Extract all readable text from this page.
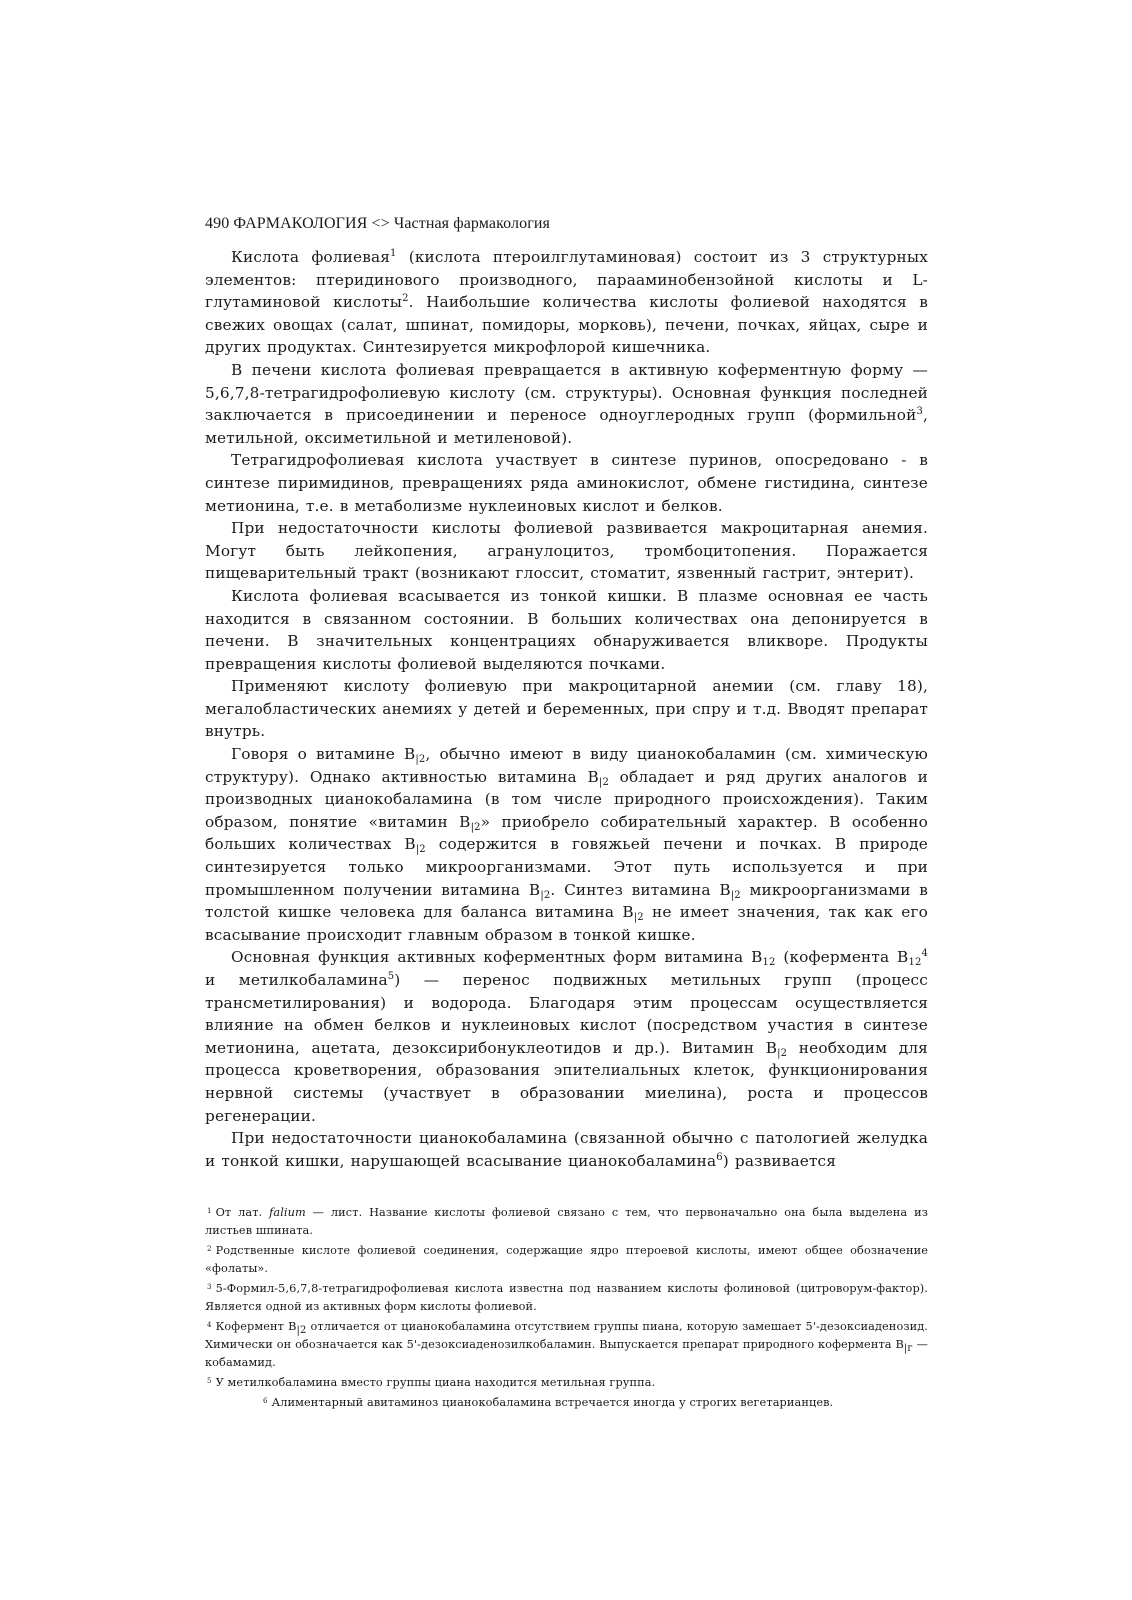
490 ФАРМАКОЛОГИЯ <> Частная фармакология

Кислота фолиевая$^1$ (кислота птероилглутаминовая) состоит из 3 структурных элементов: птеридинового производного, парааминобензойной кислоты и L-глутаминовой кислоты$^2$. Наибольшие количества кислоты фолиевой находятся в свежих овощах (салат, шпинат, помидоры, морковь), печени, почках, яйцах, сыре и других продуктах. Синтезируется микрофлорой кишечника.

В печени кислота фолиевая превращается в активную коферментную форму — 5,6,7,8-тетрагидрофолиевую кислоту (см. структуры). Основная функция последней заключается в присоединении и переносе одноуглеродных групп (формильной$^3$, метильной, оксиметильной и метиленовой).

Тетрагидрофолиевая кислота участвует в синтезе пуринов, опосредовано - в синтезе пиримидинов, превращениях ряда аминокислот, обмене гистидина, синтезе метионина, т.е. в метаболизме нуклеиновых кислот и белков.

При недостаточности кислоты фолиевой развивается макроцитарная анемия. Могут быть лейкопения, агранулоцитоз, тромбоцитопения. Поражается пищеварительный тракт (возникают глоссит, стоматит, язвенный гастрит, энтерит).

Кислота фолиевая всасывается из тонкой кишки. В плазме основная ее часть находится в связанном состоянии. В больших количествах она депонируется в печени. В значительных концентрациях обнаруживается вликворе. Продукты превращения кислоты фолиевой выделяются почками.

Применяют кислоту фолиевую при макроцитарной анемии (см. главу 18), мегалобластических анемиях у детей и беременных, при спру и т.д. Вводят препарат внутрь.

Говоря о витамине $В_{|2}$, обычно имеют в виду цианокобаламин (см. химическую структуру). Однако активностью витамина $В_{|2}$ обладает и ряд других аналогов и производных цианокобаламина (в том числе природного происхождения). Таким образом, понятие «витамин $В_{|2}$» приобрело собирательный характер. В особенно больших количествах $В_{|2}$ содержится в говяжьей печени и почках. В природе синтезируется только микроорганизмами. Этот путь используется и при промышленном получении витамина $В_{|2}$. Синтез витамина $В_{|2}$ микроорганизмами в толстой кишке человека для баланса витамина $В_{|2}$ не имеет значения, так как его всасывание происходит главным образом в тонкой кишке.

Основная функция активных коферментных форм витамина $В_{12}$ (кофермента $В_{12}^4$ и метилкобаламина$^5$) — перенос подвижных метильных групп (процесс трансметилирования) и водорода. Благодаря этим процессам осуществляется влияние на обмен белков и нуклеиновых кислот (посредством участия в синтезе метионина, ацетата, дезоксирибонуклеотидов и др.). Витамин $В_{|2}$ необходим для процесса кроветворения, образования эпителиальных клеток, функционирования нервной системы (участвует в образовании миелина), роста и процессов регенерации.

При недостаточности цианокобаламина (связанной обычно с патологией желудка и тонкой кишки, нарушающей всасывание цианокобаламина$^6$) развивается

$^1$ От лат. falium — лист. Название кислоты фолиевой связано с тем, что первоначально она была выделена из листьев шпината.

$^2$ Родственные кислоте фолиевой соединения, содержащие ядро птероевой кислоты, имеют общее обозначение «фолаты».

$^3$ 5-Формил-5,6,7,8-тетрагидрофолиевая кислота известна под названием кислоты фолиновой (цитроворум-фактор). Является одной из активных форм кислоты фолиевой.

$^4$ Кофермент $В_{|2}$ отличается от цианокобаламина отсутствием группы пиана, которую замешает 5'-дезоксиаденозид. Химически он обозначается как 5'-дезоксиаденозилкобаламин. Выпускается препарат природного кофермента $В_{|г}$ — кобамамид.

$^5$ У метилкобаламина вместо группы циана находится метильная группа.

$^6$ Алиментарный авитаминоз цианокобаламина встречается иногда у строгих вегетарианцев.
